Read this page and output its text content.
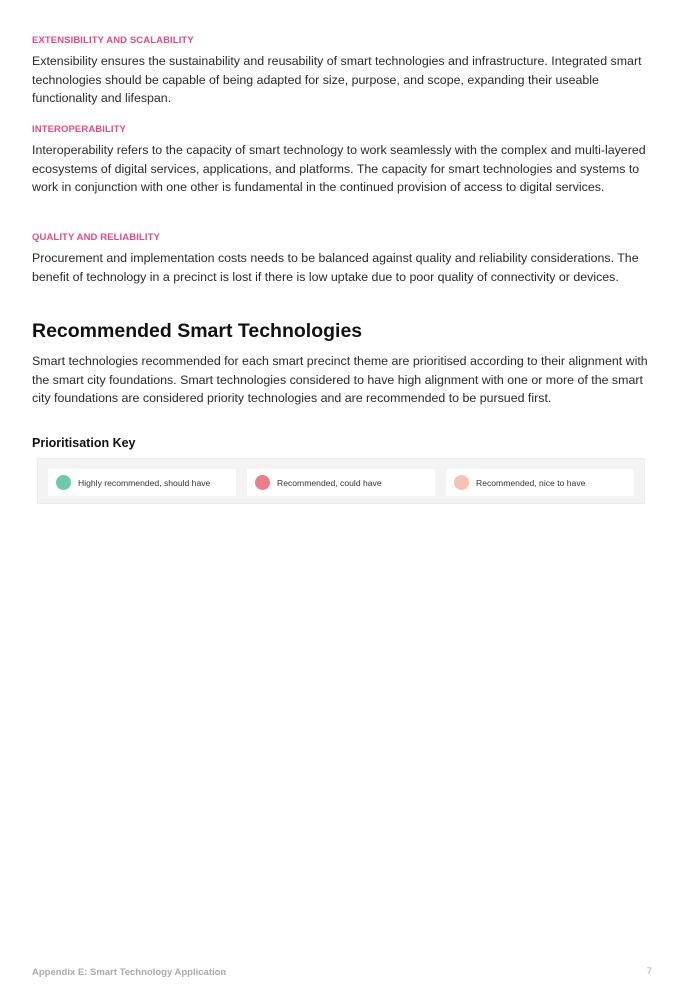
EXTENSIBILITY AND SCALABILITY

Extensibility ensures the sustainability and reusability of smart technologies and infrastructure. Integrated smart technologies should be capable of being adapted for size, purpose, and scope, expanding their useable functionality and lifespan.

INTEROPERABILITY

Interoperability refers to the capacity of smart technology to work seamlessly with the complex and multi-layered ecosystems of digital services, applications, and platforms. The capacity for smart technologies and systems to work in conjunction with one other is fundamental in the continued provision of access to digital services.

QUALITY AND RELIABILITY

Procurement and implementation costs needs to be balanced against quality and reliability considerations. The benefit of technology in a precinct is lost if there is low uptake due to poor quality of connectivity or devices.

Recommended Smart Technologies

Smart technologies recommended for each smart precinct theme are prioritised according to their alignment with the smart city foundations. Smart technologies considered to have high alignment with one or more of the smart city foundations are considered priority technologies and are recommended to be pursued first.

Prioritisation Key
Highly recommended, should have	Recommended, could have	Recommended, nice to have
Appendix E: Smart Technology Application	7
